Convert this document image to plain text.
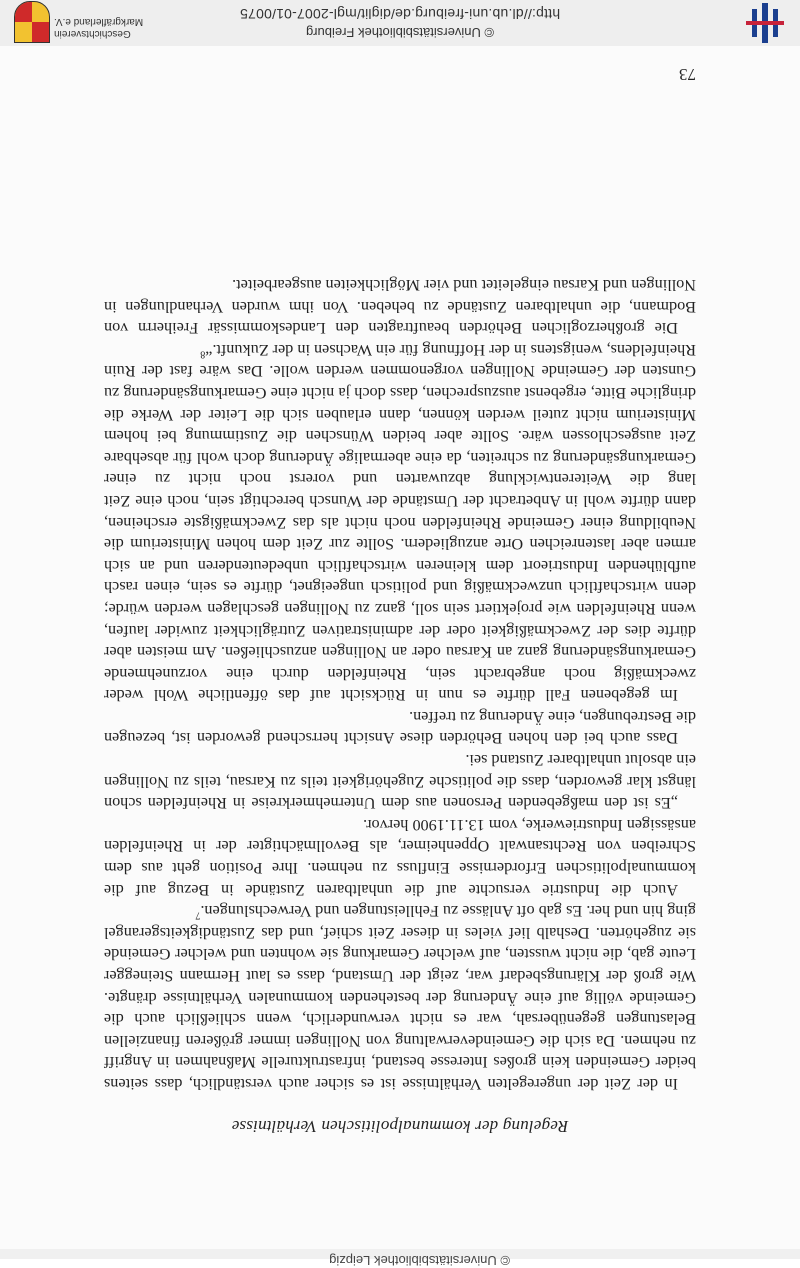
© Universitätsbibliothek Leipzig
Regelung der kommunalpolitischen Verhältnisse

In der Zeit der ungeregelten Verhältnisse ist es sicher auch verständlich, dass seitens beider Gemeinden kein großes Interesse bestand, infrastrukturelle Maßnahmen in Angriff zu nehmen. Da sich die Gemeindeverwaltung von Nollingen immer größeren finanziellen Belastungen gegenübersah, war es nicht verwunderlich, wenn schließlich auch die Gemeinde völlig auf eine Änderung der bestehenden kommunalen Verhältnisse drängte. Wie groß der Klärungsbedarf war, zeigt der Umstand, dass es laut Hermann Steinegger Leute gab, die nicht wussten, auf welcher Gemarkung sie wohnten und welcher Gemeinde sie zugehörten. Deshalb lief vieles in dieser Zeit schief, und das Zuständigkeitsgerangel ging hin und her. Es gab oft Anlässe zu Fehlleistungen und Verwechslungen.$^7$

Auch die Industrie versuchte auf die unhaltbaren Zustände in Bezug auf die kommunalpolitischen Erfordernisse Einfluss zu nehmen. Ihre Position geht aus dem Schreiben von Rechtsanwalt Oppenheimer, als Bevollmächtigter der in Rheinfelden ansässigen Industriewerke, vom 13.11.1900 hervor.

„Es ist den maßgebenden Personen aus dem Unternehmerkreise in Rheinfelden schon längst klar geworden, dass die politische Zugehörigkeit teils zu Karsau, teils zu Nollingen ein absolut unhaltbarer Zustand sei.

Dass auch bei den hohen Behörden diese Ansicht herrschend geworden ist, bezeugen die Bestrebungen, eine Änderung zu treffen.

Im gegebenen Fall dürfte es nun in Rücksicht auf das öffentliche Wohl weder zweckmäßig noch angebracht sein, Rheinfelden durch eine vorzunehmende Gemarkungsänderung ganz an Karsau oder an Nollingen anzuschließen. Am meisten aber dürfte dies der Zweckmäßigkeit oder der administrativen Zuträglichkeit zuwider laufen, wenn Rheinfelden wie projektiert sein soll, ganz zu Nollingen geschlagen werden würde; denn wirtschaftlich unzweckmäßig und politisch ungeeignet, dürfte es sein, einen rasch aufblühenden Industrieort dem kleineren wirtschaftlich unbedeutenderen und an sich armen aber lastenreichen Orte anzugliedern. Sollte zur Zeit dem hohen Ministerium die Neubildung einer Gemeinde Rheinfelden noch nicht als das Zweckmäßigste erscheinen, dann dürfte wohl in Anbetracht der Umstände der Wunsch berechtigt sein, noch eine Zeit lang die Weiterentwicklung abzuwarten und vorerst noch nicht zu einer Gemarkungsänderung zu schreiten, da eine abermalige Änderung doch wohl für absehbare Zeit ausgeschlossen wäre. Sollte aber beiden Wünschen die Zustimmung bei hohem Ministerium nicht zuteil werden können, dann erlauben sich die Leiter der Werke die dringliche Bitte, ergebenst auszusprechen, dass doch ja nicht eine Gemarkungsänderung zu Gunsten der Gemeinde Nollingen vorgenommen werden wolle. Das wäre fast der Ruin Rheinfeldens, wenigstens in der Hoffnung für ein Wachsen in der Zukunft.“$^8$

Die großherzoglichen Behörden beauftragten den Landeskommissär Freiherrn von Bodmann, die unhaltbaren Zustände zu beheben. Von ihm wurden Verhandlungen in Nollingen und Karsau eingeleitet und vier Möglichkeiten ausgearbeitet.

73
© Universitätsbibliothek Freiburg
http://dl.ub.uni-freiburg.de/diglit/mgl-2007-01/0075
Geschichtsverein
Markgräflerland e.V.
